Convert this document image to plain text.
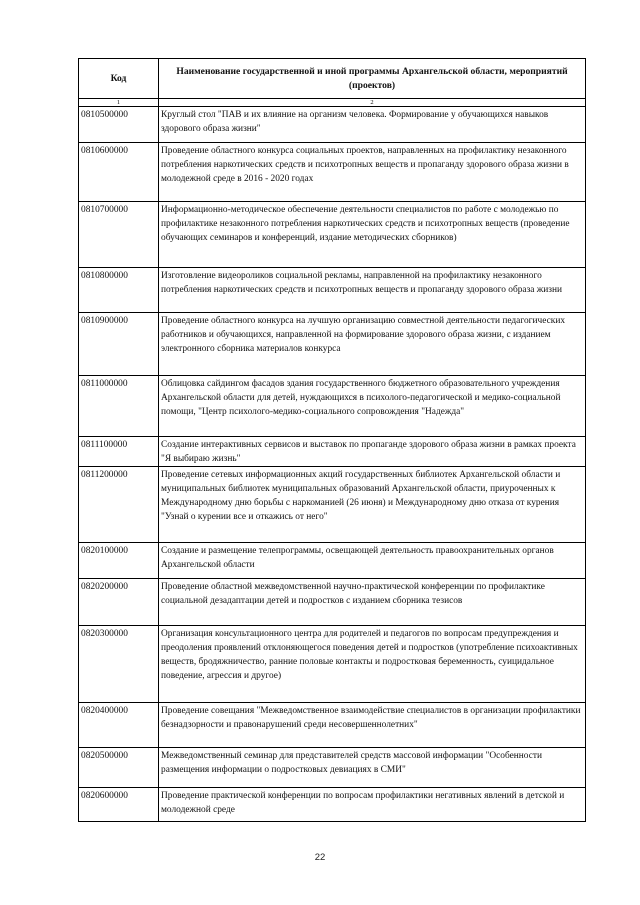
Код	Наименование государственной и иной программы Архангельской области, мероприятий (проектов)
1	2
0810500000	Круглый стол "ПАВ и их влияние на организм человека. Формирование у обучающихся навыков здорового образа жизни"
0810600000	Проведение областного конкурса социальных проектов, направленных на профилактику незаконного потребления наркотических средств и психотропных веществ и пропаганду здорового образа жизни в молодежной среде в 2016 - 2020 годах
0810700000	Информационно-методическое обеспечение деятельности специалистов по работе с молодежью по профилактике незаконного потребления наркотических средств и психотропных веществ (проведение обучающих семинаров и конференций, издание методических сборников)
0810800000	Изготовление видеороликов социальной рекламы, направленной на профилактику незаконного потребления наркотических средств и психотропных веществ и пропаганду здорового образа жизни
0810900000	Проведение областного конкурса на лучшую организацию совместной деятельности педагогических работников и обучающихся, направленной на формирование здорового образа жизни, с изданием электронного сборника материалов конкурса
0811000000	Облицовка сайдингом фасадов здания государственного бюджетного образовательного учреждения Архангельской области для детей, нуждающихся в психолого-педагогической и медико-социальной помощи, "Центр психолого-медико-социального сопровождения "Надежда"
0811100000	Создание интерактивных сервисов и выставок по пропаганде здорового образа жизни в рамках проекта "Я выбираю жизнь"
0811200000	Проведение сетевых информационных акций государственных библиотек Архангельской области и муниципальных библиотек муниципальных образований Архангельской области, приуроченных к Международному дню борьбы с наркоманией (26 июня) и Международному дню отказа от курения "Узнай о курении все и откажись от него"
0820100000	Создание и размещение телепрограммы, освещающей деятельность правоохранительных органов Архангельской области
0820200000	Проведение областной межведомственной научно-практической конференции по профилактике социальной дезадаптации детей и подростков с изданием сборника тезисов
0820300000	Организация консультационного центра для родителей и педагогов по вопросам предупреждения и преодоления проявлений отклоняющегося поведения детей и подростков (употребление психоактивных веществ, бродяжничество, ранние половые контакты и подростковая беременность, суицидальное поведение, агрессия и другое)
0820400000	Проведение совещания "Межведомственное взаимодействие специалистов в организации профилактики безнадзорности и правонарушений среди несовершеннолетних"
0820500000	Межведомственный семинар для представителей средств массовой информации "Особенности размещения информации о подростковых девиациях в СМИ"
0820600000	Проведение практической конференции по вопросам профилактики негативных явлений в детской и молодежной среде
22
